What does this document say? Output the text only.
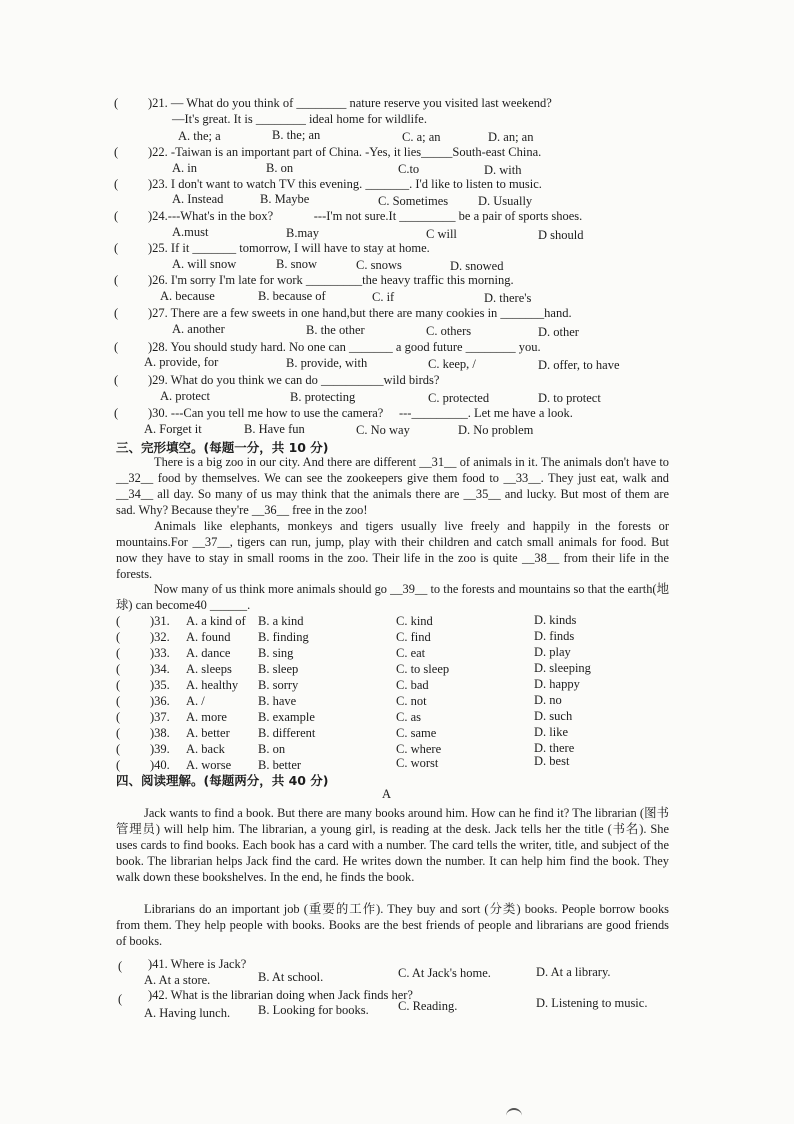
( )21. — What do you think of ________ nature reserve you visited last weekend?
—It's great. It is ________ ideal home for wildlife.
A. the; a	B. the; an	C. a; an	D. an; an
( )22. -Taiwan is an important part of China. -Yes, it lies_____South-east China.
A. in	B. on	C.to	D. with
( )23. I don't want to watch TV this evening. _______. I'd like to listen to music.
A. Instead	B. Maybe	C. Sometimes D. Usually
( )24.---What's in the box?             ---I'm not sure.It _________ be a pair of sports shoes.
A.must	B.may	C will	D should
( )25. If it _______ tomorrow, I will have to stay at home.
A. will snow	B. snow	C. snows	D. snowed
( )26. I'm sorry I'm late for work _________the heavy traffic this morning.
A. because	B. because of	C. if	D. there's
( )27. There are a few sweets in one hand,but there are many cookies in _______hand.
A. another	B. the other	C. others	D. other
( )28. You should study hard. No one can _______ a good future ________ you.
A. provide, for	B. provide, with	C. keep, /	D. offer, to have
( )29. What do you think we can do __________wild birds?
A. protect	B. protecting	C. protected	D. to protect
( )30. ---Can you tell me how to use the camera?     ---_________. Let me have a look.
A. Forget it	B. Have fun	C. No way	D. No problem
三、完形填空。(每题一分，共 10 分)
There is a big zoo in our city. And there are different __31__ of animals in it. The animals don't have to __32__ food by themselves. We can see the zookeepers give them food to __33__. They just eat, walk and __34__ all day. So many of us may think that the animals there are __35__ and lucky. But most of them are sad. Why? Because they're __36__ free in the zoo!
Animals like elephants, monkeys and tigers usually live freely and happily in the forests or mountains.For __37__, tigers can run, jump, play with their children and catch small animals for food. But now they have to stay in small rooms in the zoo. Their life in the zoo is quite __38__ from their life in the forests.
Now many of us think more animals should go __39__ to the forests and mountains so that the earth(地球) can become40 ______.
( )31. A. a kind of B. a kind	C. kind	D. kinds
( )32. A. found B. finding	C. find	D. finds
( )33. A. dance B. sing	C. eat	D. play
( )34. A. sleeps B. sleep	C. to sleep	D. sleeping
( )35. A. healthy B. sorry	C. bad	D. happy
( )36. A. /	B. have	C. not	D. no
( )37. A. more B. example	C. as	D. such
( )38. A. better B. different	C. same	D. like
( )39. A. back	B. on	C. where	D. there
( )40. A. worse B. better	C. worst	D. best
四、阅读理解。(每题两分，共 40 分)
A
Jack wants to find a book. But there are many books around him. How can he find it? The librarian (图书管理员) will help him. The librarian, a young girl, is reading at the desk. Jack tells her the title (书名). She uses cards to find books. Each book has a card with a number. The card tells the writer, title, and subject of the book. The librarian helps Jack find the card. He writes down the number. It can help him find the book. They walk down these bookshelves. In the end, he finds the book.
Librarians do an important job (重要的工作). They buy and sort (分类) books. People borrow books from them. They help people with books. Books are the best friends of people and librarians are good friends of books.
( )41. Where is Jack?
A. At a store.	B. At school.	C. At Jack's home.	D. At a library.
( )42. What is the librarian doing when Jack finds her?
A. Having lunch. B. Looking for books. C. Reading.	D. Listening to music.
